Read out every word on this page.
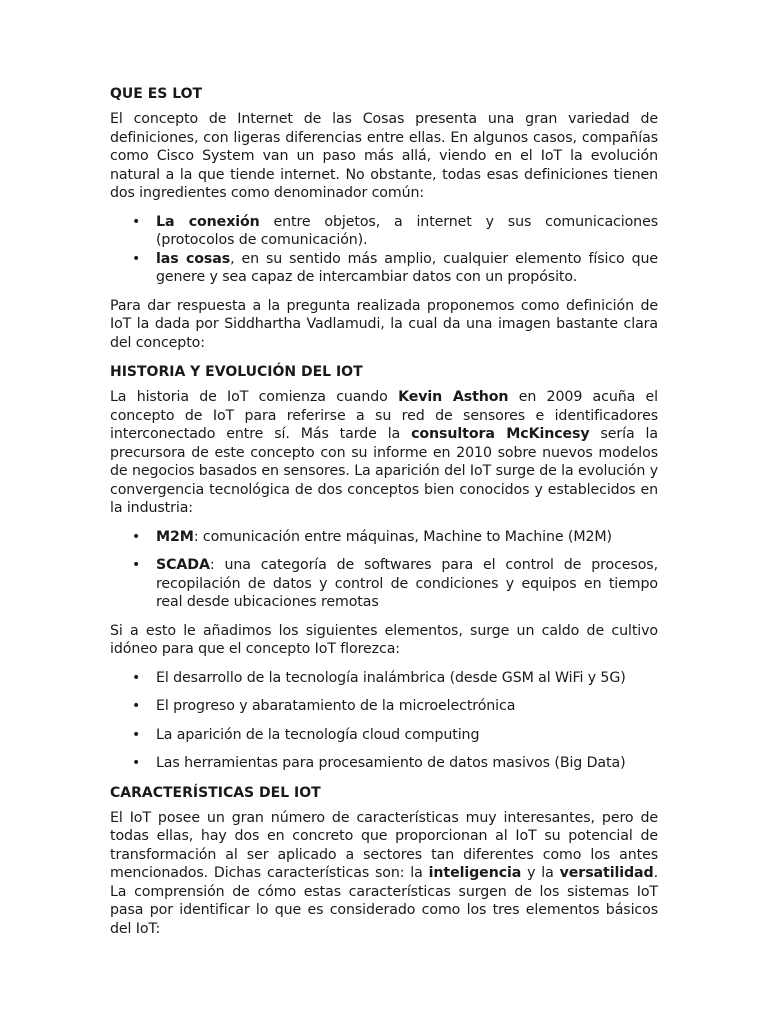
QUE ES LOT

El concepto de Internet de las Cosas presenta una gran variedad de definiciones, con ligeras diferencias entre ellas. En algunos casos, compañías como Cisco System van un paso más allá, viendo en el IoT la evolución natural a la que tiende internet. No obstante, todas esas definiciones tienen dos ingredientes como denominador común:

• La conexión entre objetos, a internet y sus comunicaciones (protocolos de comunicación).
• las cosas, en su sentido más amplio, cualquier elemento físico que genere y sea capaz de intercambiar datos con un propósito.

Para dar respuesta a la pregunta realizada proponemos como definición de IoT la dada por Siddhartha Vadlamudi, la cual da una imagen bastante clara del concepto:

HISTORIA Y EVOLUCIÓN DEL IOT

La historia de IoT comienza cuando Kevin Asthon en 2009 acuña el concepto de IoT para referirse a su red de sensores e identificadores interconectado entre sí. Más tarde la consultora McKincesy sería la precursora de este concepto con su informe en 2010 sobre nuevos modelos de negocios basados en sensores. La aparición del IoT surge de la evolución y convergencia tecnológica de dos conceptos bien conocidos y establecidos en la industria:

• M2M: comunicación entre máquinas, Machine to Machine (M2M)
• SCADA: una categoría de softwares para el control de procesos, recopilación de datos y control de condiciones y equipos en tiempo real desde ubicaciones remotas

Si a esto le añadimos los siguientes elementos, surge un caldo de cultivo idóneo para que el concepto IoT florezca:

• El desarrollo de la tecnología inalámbrica (desde GSM al WiFi y 5G)
• El progreso y abaratamiento de la microelectrónica
• La aparición de la tecnología cloud computing
• Las herramientas para procesamiento de datos masivos (Big Data)
CARACTERÍSTICAS DEL IOT

El IoT posee un gran número de características muy interesantes, pero de todas ellas, hay dos en concreto que proporcionan al IoT su potencial de transformación al ser aplicado a sectores tan diferentes como los antes mencionados. Dichas características son: la inteligencia y la versatilidad. La comprensión de cómo estas características surgen de los sistemas IoT pasa por identificar lo que es considerado como los tres elementos básicos del IoT:
